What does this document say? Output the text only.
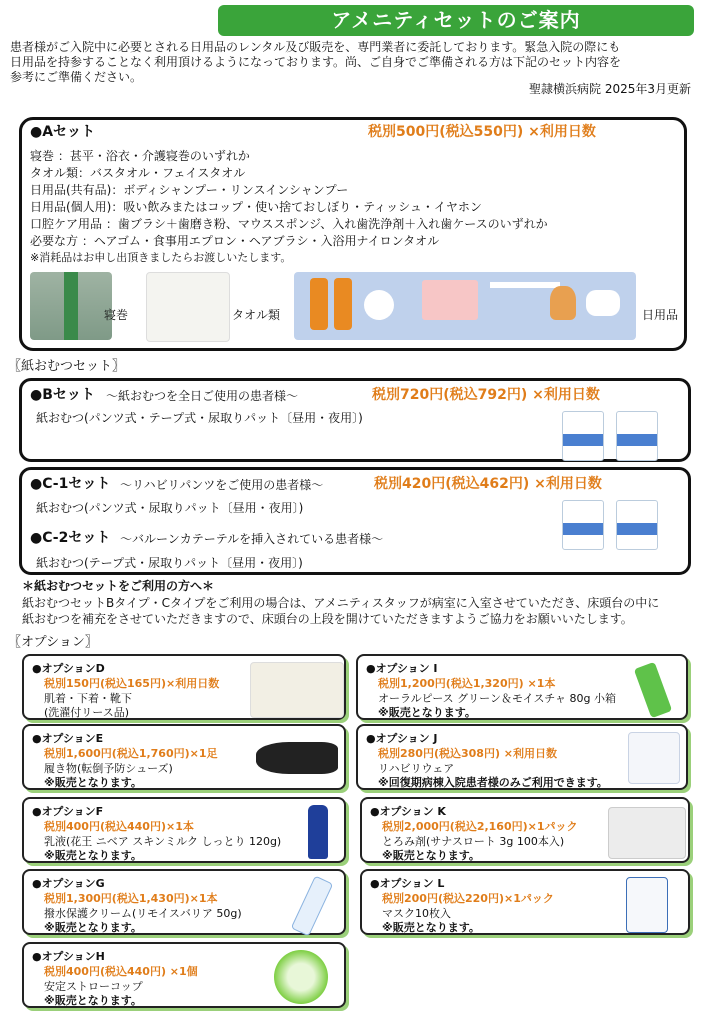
アメニティセットのご案内
患者様がご入院中に必要とされる日用品のレンタル及び販売を、専門業者に委託しております。緊急入院の際にも
日用品を持参することなく利用頂けるようになっております。尚、ご自身でご準備される方は下記のセット内容を
参考にご準備ください。
聖隷横浜病院 2025年3月更新
●Aセット	税別500円(税込550円) ×利用日数
寝巻 ：甚平・浴衣・介護寝巻のいずれか
タオル類：バスタオル・フェイスタオル
日用品(共有品)：ボディシャンプー・リンスインシャンプー
日用品(個人用)：吸い飲みまたはコップ・使い捨ておしぼり・ティッシュ・イヤホン
口腔ケア用品 ：歯ブラシ＋歯磨き粉、マウススポンジ、入れ歯洗浄剤＋入れ歯ケースのいずれか
必要な方 ：ヘアゴム・食事用エプロン・ヘアブラシ・入浴用ナイロンタオル
※消耗品はお申し出頂きましたらお渡しいたします。
寝巻	タオル類	日用品
〖紙おむつセット〗
●Bセット ～紙おむつを全日ご使用の患者様～	税別720円(税込792円) ×利用日数
紙おむつ(パンツ式・テープ式・尿取りパット〔昼用・夜用〕)
●C-1セット ～リハビリパンツをご使用の患者様～	税別420円(税込462円) ×利用日数
紙おむつ(パンツ式・尿取りパット〔昼用・夜用〕)
●C-2セット ～バルーンカテーテルを挿入されている患者様～
紙おむつ(テープ式・尿取りパット〔昼用・夜用〕)
＊紙おむつセットをご利用の方へ＊
紙おむつセットBタイプ・Cタイプをご利用の場合は、アメニティスタッフが病室に入室させていただき、床頭台の中に
紙おむつを補充をさせていただきますので、床頭台の上段を開けていただきますようご協力をお願いいたします。
〖オプション〗
●オプションD
税別150円(税込165円)×利用日数
肌着・下着・靴下
(洗濯付リース品)
●オプション I
税別1,200円(税込1,320円) ×1本
オーラルピース グリーン＆モイスチャ 80g 小箱
※販売となります。
●オプションE
税別1,600円(税込1,760円)×1足
履き物(転倒予防シューズ)
※販売となります。
●オプション J
税別280円(税込308円) ×利用日数
リハビリウェア
※回復期病棟入院患者様のみご利用できます。
●オプションF
税別400円(税込440円)×1本
乳液(花王 ニベア スキンミルク しっとり 120g)
※販売となります。
●オプション K
税別2,000円(税込2,160円)×1パック
とろみ剤(サナスロート 3g 100本入)
※販売となります。
●オプションG
税別1,300円(税込1,430円)×1本
撥水保護クリーム(リモイスバリア 50g)
※販売となります。
●オプション L
税別200円(税込220円)×1パック
マスク10枚入
※販売となります。
●オプションH
税別400円(税込440円) ×1個
安定ストローコップ
※販売となります。
